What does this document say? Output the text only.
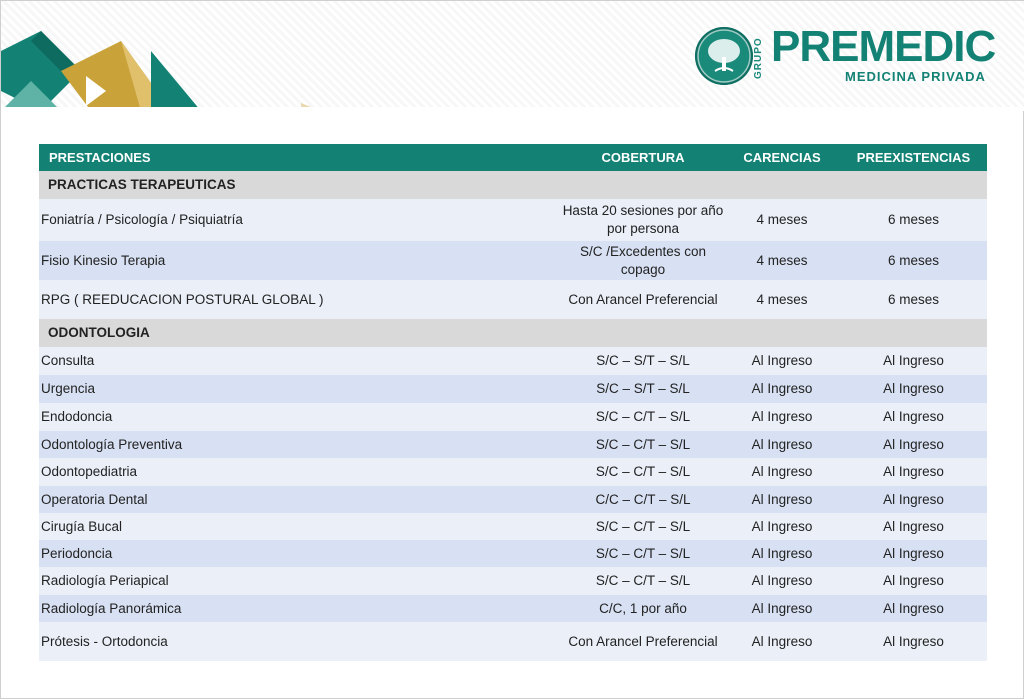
GRUPO PREMEDIC
MEDICINA PRIVADA
PRESTACIONES	COBERTURA	CARENCIAS	PREEXISTENCIAS
PRACTICAS TERAPEUTICAS			
Foniatría / Psicología / Psiquiatría	Hasta 20 sesiones por año por persona	4 meses	6 meses
Fisio Kinesio Terapia	S/C /Excedentes con copago	4 meses	6 meses
RPG ( REEDUCACION POSTURAL GLOBAL )	Con Arancel Preferencial	4 meses	6 meses
ODONTOLOGIA			
Consulta	S/C – S/T – S/L	Al Ingreso	Al Ingreso
Urgencia	S/C – S/T – S/L	Al Ingreso	Al Ingreso
Endodoncia	S/C – C/T – S/L	Al Ingreso	Al Ingreso
Odontología Preventiva	S/C – C/T – S/L	Al Ingreso	Al Ingreso
Odontopediatria	S/C – C/T – S/L	Al Ingreso	Al Ingreso
Operatoria Dental	C/C – C/T – S/L	Al Ingreso	Al Ingreso
Cirugía Bucal	S/C – C/T – S/L	Al Ingreso	Al Ingreso
Periodoncia	S/C – C/T – S/L	Al Ingreso	Al Ingreso
Radiología Periapical	S/C – C/T – S/L	Al Ingreso	Al Ingreso
Radiología Panorámica	C/C, 1 por año	Al Ingreso	Al Ingreso
Prótesis - Ortodoncia	Con Arancel Preferencial	Al Ingreso	Al Ingreso
